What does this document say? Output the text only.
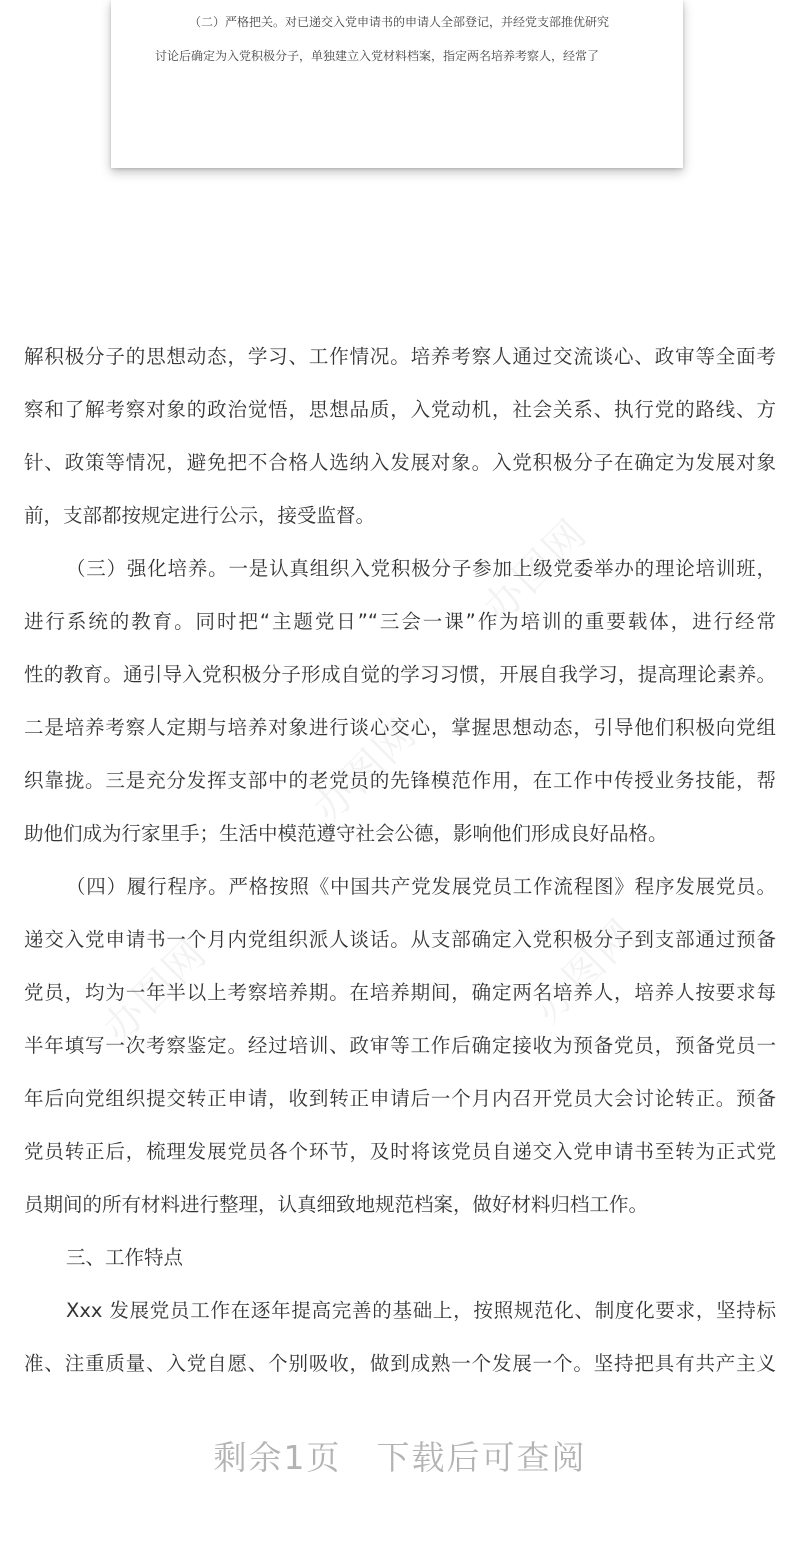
（二）严格把关。对已递交入党申请书的申请人全部登记，并经党支部推优研究
讨论后确定为入党积极分子，单独建立入党材料档案，指定两名培养考察人，经常了
办图网
办图网
办图网
办图网
解积极分子的思想动态，学习、工作情况。培养考察人通过交流谈心、政审等全面考
察和了解考察对象的政治觉悟，思想品质，入党动机，社会关系、执行党的路线、方
针、政策等情况，避免把不合格人选纳入发展对象。入党积极分子在确定为发展对象
前，支部都按规定进行公示，接受监督。
（三）强化培养。一是认真组织入党积极分子参加上级党委举办的理论培训班，
进行系统的教育。同时把“主题党日”“三会一课”作为培训的重要载体，进行经常
性的教育。通引导入党积极分子形成自觉的学习习惯，开展自我学习，提高理论素养。
二是培养考察人定期与培养对象进行谈心交心，掌握思想动态，引导他们积极向党组
织靠拢。三是充分发挥支部中的老党员的先锋模范作用，在工作中传授业务技能，帮
助他们成为行家里手；生活中模范遵守社会公德，影响他们形成良好品格。
（四）履行程序。严格按照《中国共产党发展党员工作流程图》程序发展党员。
递交入党申请书一个月内党组织派人谈话。从支部确定入党积极分子到支部通过预备
党员，均为一年半以上考察培养期。在培养期间，确定两名培养人，培养人按要求每
半年填写一次考察鉴定。经过培训、政审等工作后确定接收为预备党员，预备党员一
年后向党组织提交转正申请，收到转正申请后一个月内召开党员大会讨论转正。预备
党员转正后，梳理发展党员各个环节，及时将该党员自递交入党申请书至转为正式党
员期间的所有材料进行整理，认真细致地规范档案，做好材料归档工作。
三、工作特点
Xxx 发展党员工作在逐年提高完善的基础上，按照规范化、制度化要求，坚持标
准、注重质量、入党自愿、个别吸收，做到成熟一个发展一个。坚持把具有共产主义
剩余1页　下载后可查阅
